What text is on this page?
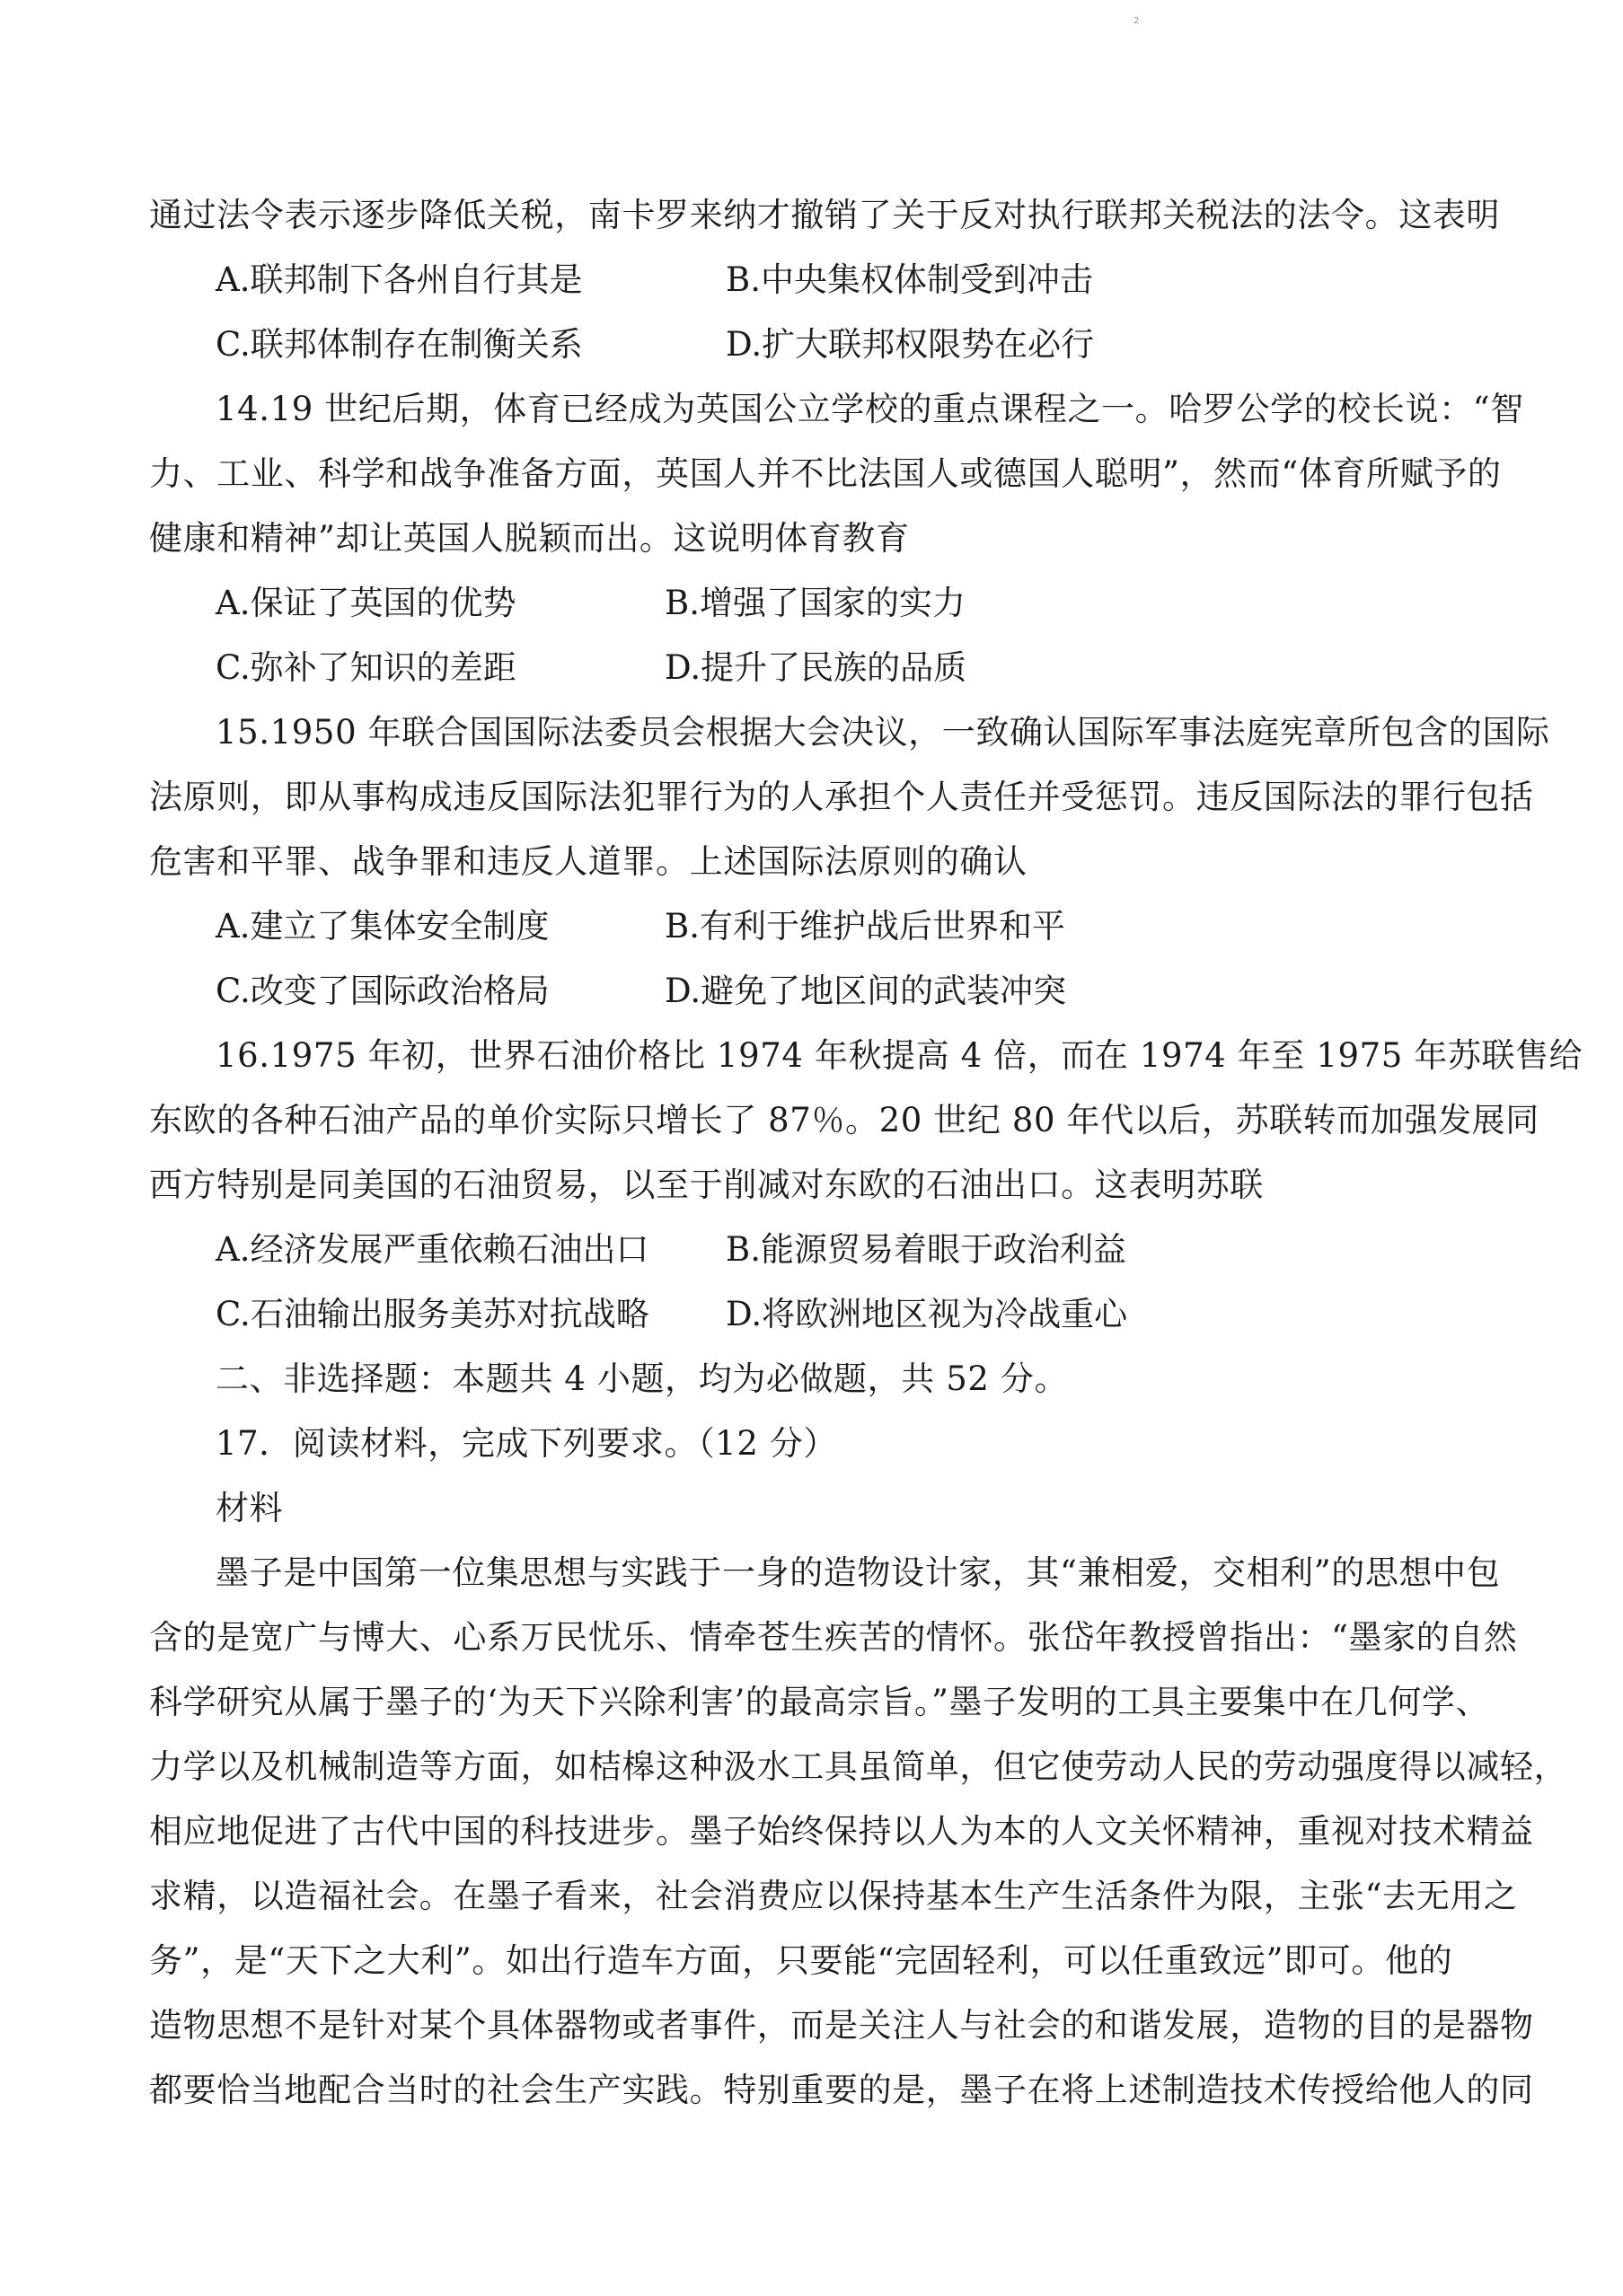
2
通过法令表示逐步降低关税，南卡罗来纳才撤销了关于反对执行联邦关税法的法令。这表明
A.联邦制下各州自行其是	B.中央集权体制受到冲击
C.联邦体制存在制衡关系	D.扩大联邦权限势在必行
14.19 世纪后期，体育已经成为英国公立学校的重点课程之一。哈罗公学的校长说：“智
力、工业、科学和战争准备方面，英国人并不比法国人或德国人聪明”，然而“体育所赋予的
健康和精神”却让英国人脱颖而出。这说明体育教育
A.保证了英国的优势	B.增强了国家的实力
C.弥补了知识的差距	D.提升了民族的品质
15.1950 年联合国国际法委员会根据大会决议，一致确认国际军事法庭宪章所包含的国际
法原则，即从事构成违反国际法犯罪行为的人承担个人责任并受惩罚。违反国际法的罪行包括
危害和平罪、战争罪和违反人道罪。上述国际法原则的确认
A.建立了集体安全制度	B.有利于维护战后世界和平
C.改变了国际政治格局	D.避免了地区间的武装冲突
16.1975 年初，世界石油价格比 1974 年秋提高 4 倍，而在 1974 年至 1975 年苏联售给
东欧的各种石油产品的单价实际只增长了 87％。20 世纪 80 年代以后，苏联转而加强发展同
西方特别是同美国的石油贸易，以至于削减对东欧的石油出口。这表明苏联
A.经济发展严重依赖石油出口 B.能源贸易着眼于政治利益
C.石油输出服务美苏对抗战略 D.将欧洲地区视为冷战重心
二、非选择题：本题共 4 小题，均为必做题，共 52 分。
17．阅读材料，完成下列要求。（12 分）
材料
墨子是中国第一位集思想与实践于一身的造物设计家，其“兼相爱，交相利”的思想中包
含的是宽广与博大、心系万民忧乐、情牵苍生疾苦的情怀。张岱年教授曾指出：“墨家的自然
科学研究从属于墨子的‘为天下兴除利害’的最高宗旨。”墨子发明的工具主要集中在几何学、
力学以及机械制造等方面，如桔槔这种汲水工具虽简单，但它使劳动人民的劳动强度得以减轻，
相应地促进了古代中国的科技进步。墨子始终保持以人为本的人文关怀精神，重视对技术精益
求精，以造福社会。在墨子看来，社会消费应以保持基本生产生活条件为限，主张“去无用之
务”，是“天下之大利”。如出行造车方面，只要能“完固轻利，可以任重致远”即可。他的
造物思想不是针对某个具体器物或者事件，而是关注人与社会的和谐发展，造物的目的是器物
都要恰当地配合当时的社会生产实践。特别重要的是，墨子在将上述制造技术传授给他人的同
